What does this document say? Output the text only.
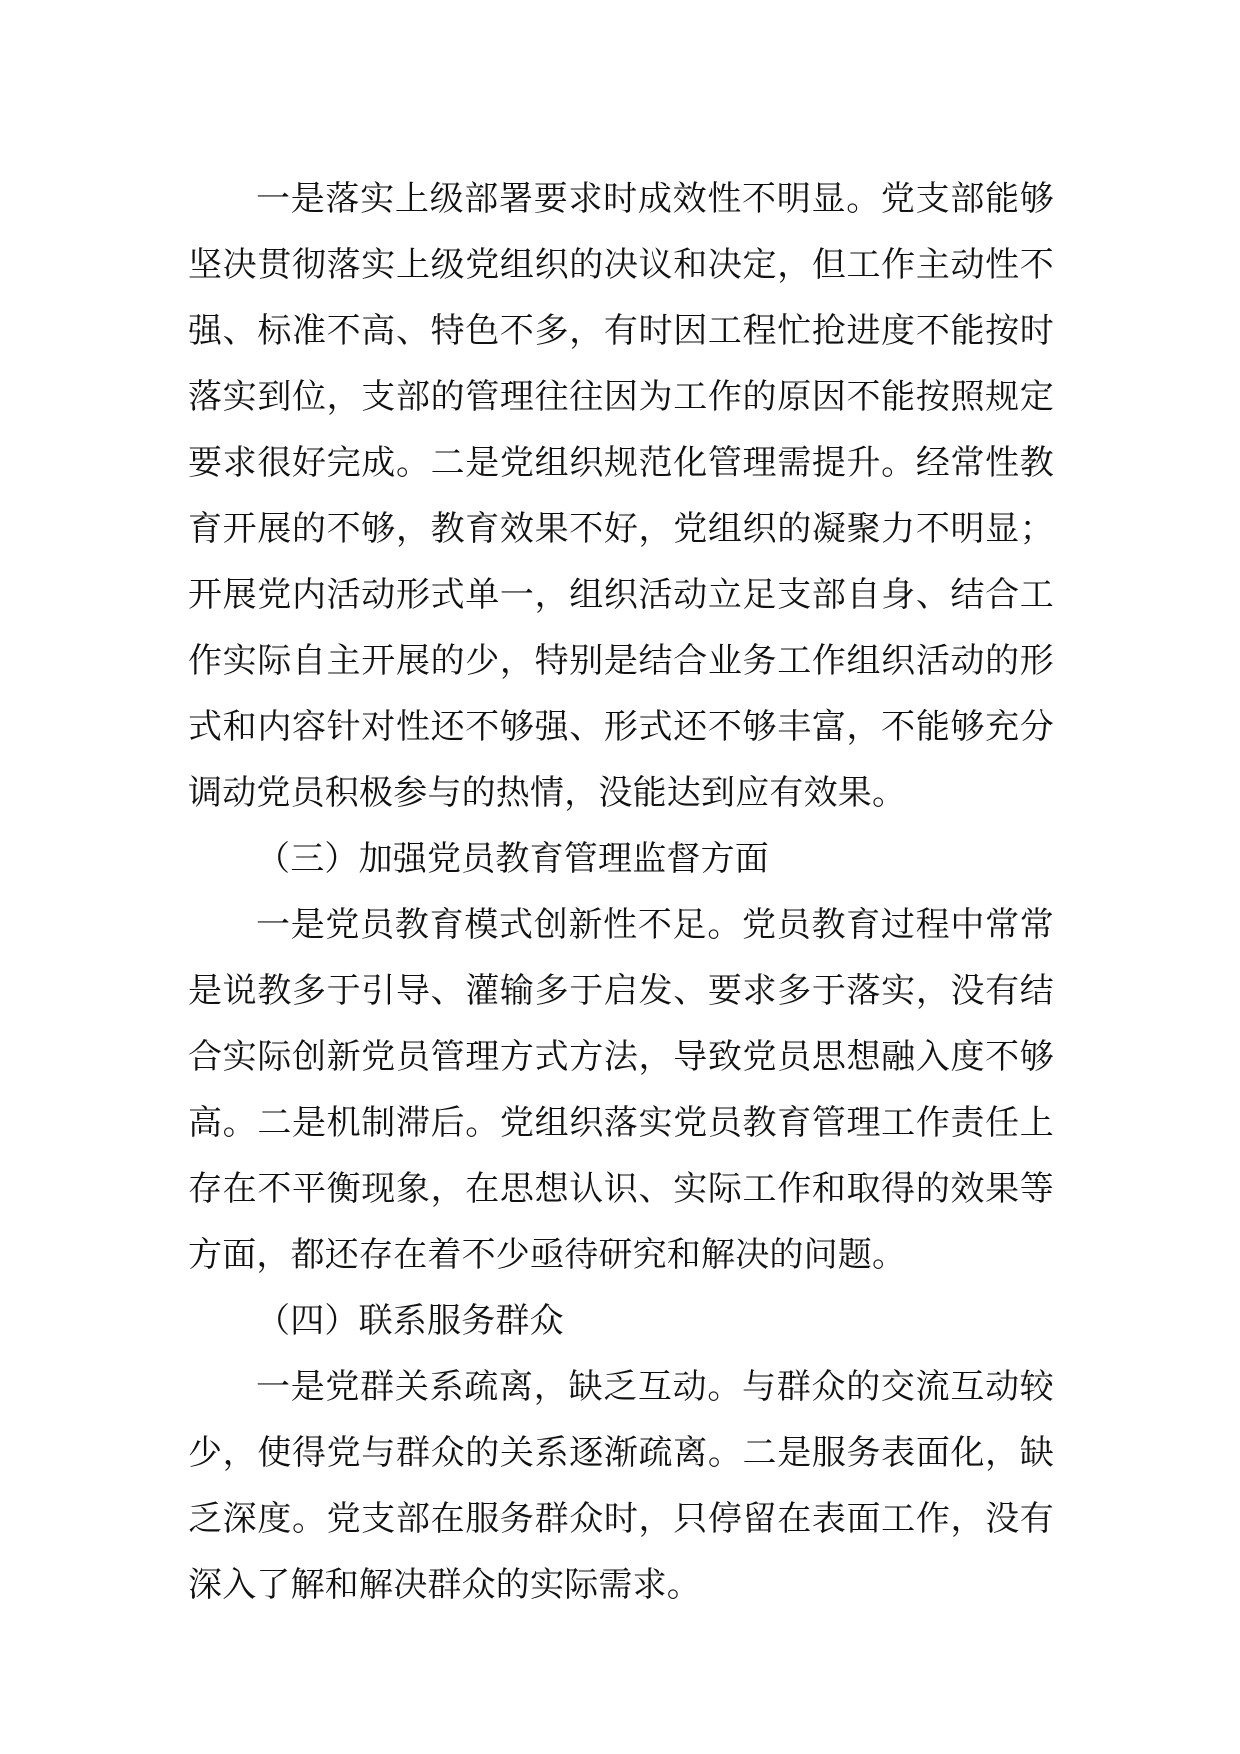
一是落实上级部署要求时成效性不明显。党支部能够坚决贯彻落实上级党组织的决议和决定，但工作主动性不强、标准不高、特色不多，有时因工程忙抢进度不能按时落实到位，支部的管理往往因为工作的原因不能按照规定要求很好完成。二是党组织规范化管理需提升。经常性教育开展的不够，教育效果不好，党组织的凝聚力不明显；开展党内活动形式单一，组织活动立足支部自身、结合工作实际自主开展的少，特别是结合业务工作组织活动的形式和内容针对性还不够强、形式还不够丰富，不能够充分调动党员积极参与的热情，没能达到应有效果。

（三）加强党员教育管理监督方面

一是党员教育模式创新性不足。党员教育过程中常常是说教多于引导、灌输多于启发、要求多于落实，没有结合实际创新党员管理方式方法，导致党员思想融入度不够高。二是机制滞后。党组织落实党员教育管理工作责任上存在不平衡现象，在思想认识、实际工作和取得的效果等方面，都还存在着不少亟待研究和解决的问题。

（四）联系服务群众

一是党群关系疏离，缺乏互动。与群众的交流互动较少，使得党与群众的关系逐渐疏离。二是服务表面化，缺乏深度。党支部在服务群众时，只停留在表面工作，没有深入了解和解决群众的实际需求。
